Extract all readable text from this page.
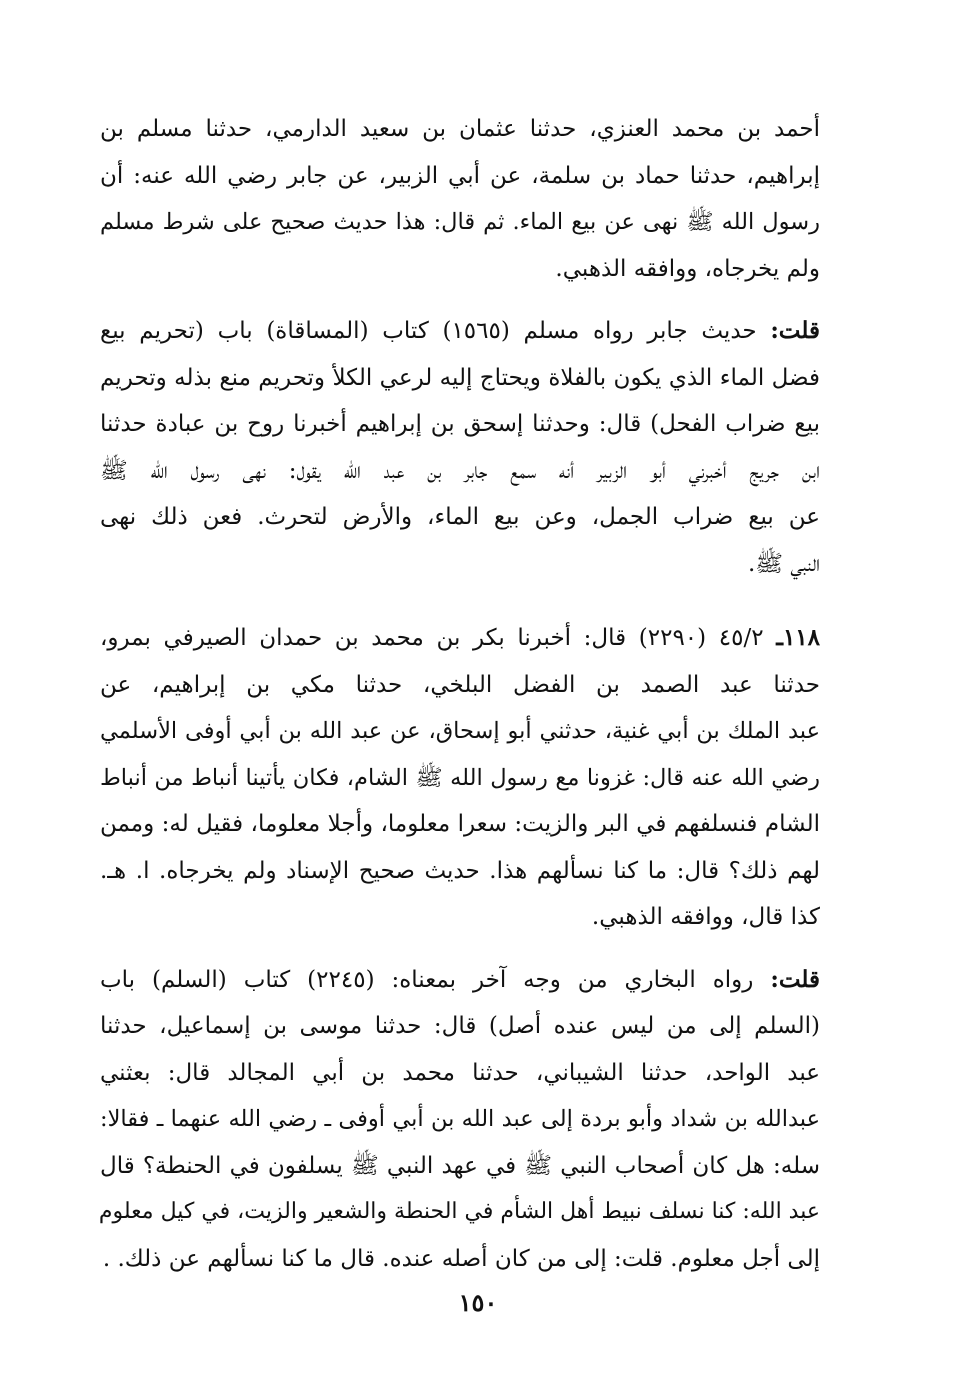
أحمد بن محمد العنزي، حدثنا عثمان بن سعيد الدارمي، حدثنا مسلم بن
إبراهيم، حدثنا حماد بن سلمة، عن أبي الزبير، عن جابر رضي الله عنه: أن
رسول الله ﷺ نهى عن بيع الماء. ثم قال: هذا حديث صحيح على شرط مسلم
ولم يخرجاه، ووافقه الذهبي.
قلت: حديث جابر رواه مسلم (١٥٦٥) كتاب (المساقاة) باب (تحريم بيع
فضل الماء الذي يكون بالفلاة ويحتاج إليه لرعي الكلأ وتحريم منع بذله وتحريم
بيع ضراب الفحل) قال: وحدثنا إسحق بن إبراهيم أخبرنا روح بن عبادة حدثنا
ابن جريج أخبرني أبو الزبير أنه سمع جابر بن عبد الله يقول: نهى رسول الله ﷺ
عن بيع ضراب الجمل، وعن بيع الماء، والأرض لتحرث. فعن ذلك نهى
النبي ﷺ.
١١٨ـ ٤٥/٢ (٢٢٩٠) قال: أخبرنا بكر بن محمد بن حمدان الصيرفي بمرو،
حدثنا عبد الصمد بن الفضل البلخي، حدثنا مكي بن إبراهيم، عن
عبد الملك بن أبي غنية، حدثني أبو إسحاق، عن عبد الله بن أبي أوفى الأسلمي
رضي الله عنه قال: غزونا مع رسول الله ﷺ الشام، فكان يأتينا أنباط من أنباط
الشام فنسلفهم في البر والزيت: سعرا معلوما، وأجلا معلوما، فقيل له: وممن
لهم ذلك؟ قال: ما كنا نسألهم هذا. حديث صحيح الإسناد ولم يخرجاه. ا. هـ.
كذا قال، ووافقه الذهبي.
قلت: رواه البخاري من وجه آخر بمعناه: (٢٢٤٥) كتاب (السلم) باب
(السلم إلى من ليس عنده أصل) قال: حدثنا موسى بن إسماعيل، حدثنا
عبد الواحد، حدثنا الشيباني، حدثنا محمد بن أبي المجالد قال: بعثني
عبدالله بن شداد وأبو بردة إلى عبد الله بن أبي أوفى ـ رضي الله عنهما ـ فقالا:
سله: هل كان أصحاب النبي ﷺ في عهد النبي ﷺ يسلفون في الحنطة؟ قال
عبد الله: كنا نسلف نبيط أهل الشأم في الحنطة والشعير والزيت، في كيل معلوم
إلى أجل معلوم. قلت: إلى من كان أصله عنده. قال ما كنا نسألهم عن ذلك. .
١٥٠
